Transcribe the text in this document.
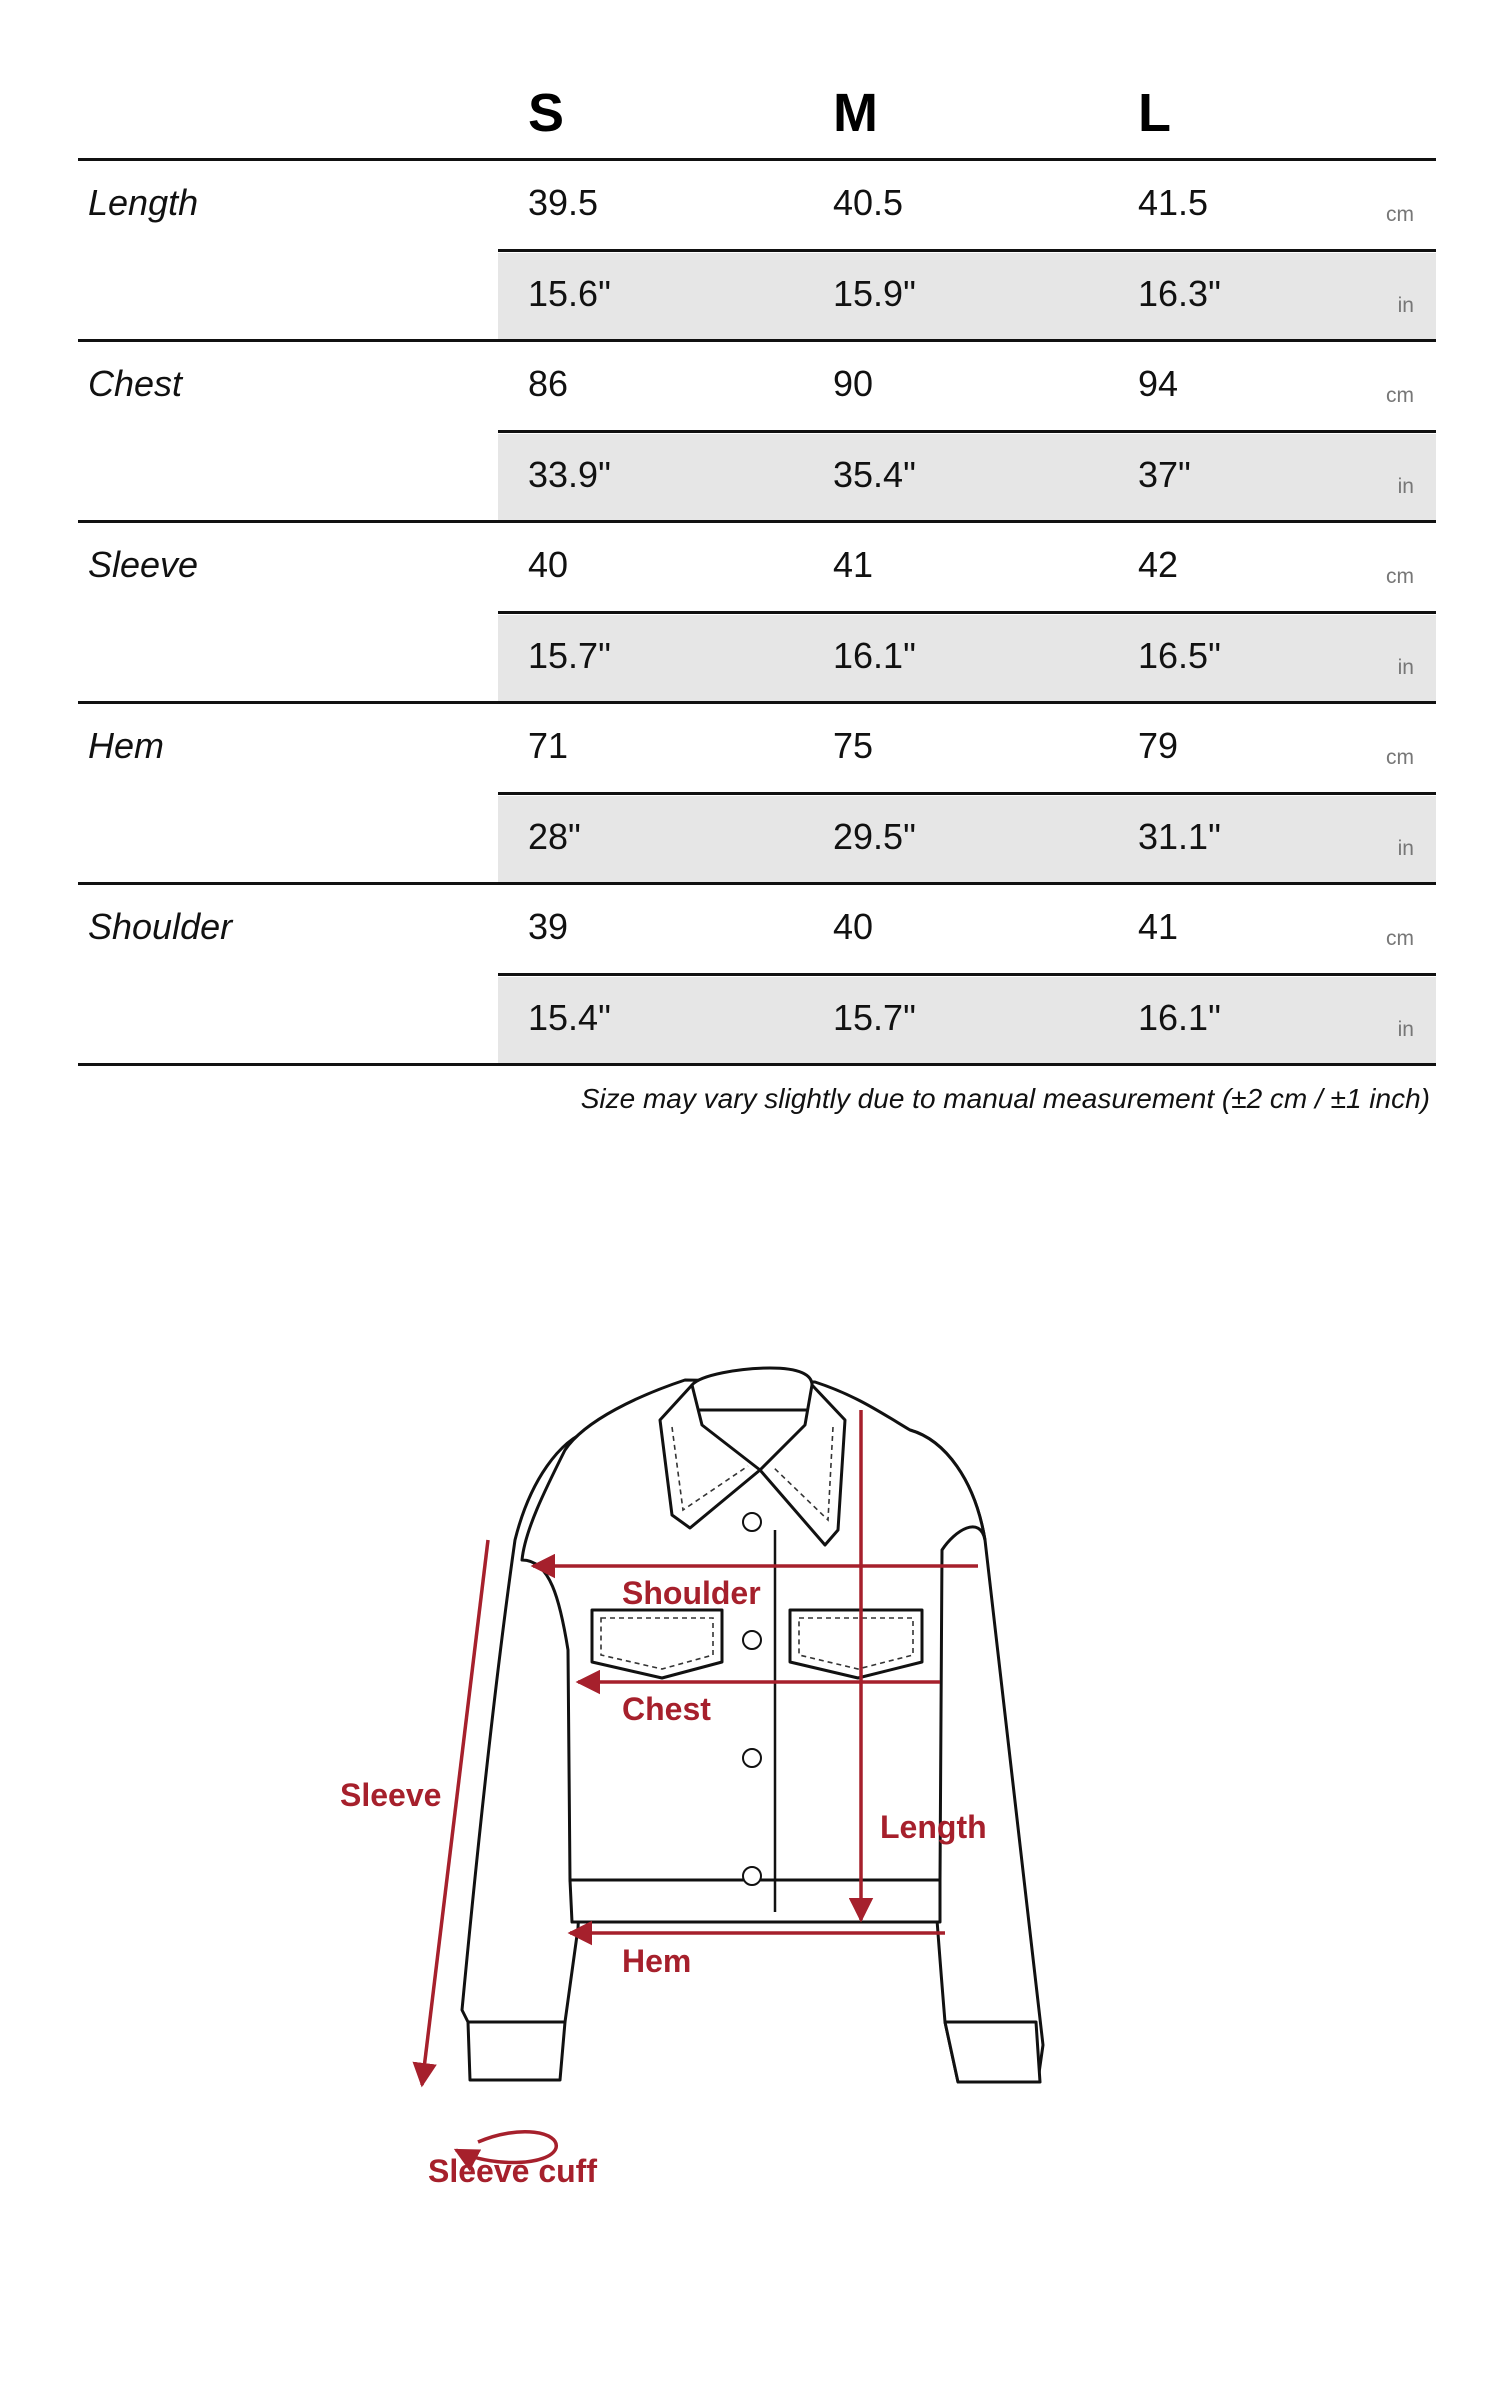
S	M	L
Length	39.5	40.5	41.5	cm
15.6"	15.9"	16.3"	in
Chest	86	90	94	cm
33.9"	35.4"	37"	in
Sleeve	40	41	42	cm
15.7"	16.1"	16.5"	in
Hem	71	75	79	cm
28"	29.5"	31.1"	in
Shoulder	39	40	41	cm
15.4"	15.7"	16.1"	in
Size may vary slightly due to manual measurement (±2 cm / ±1 inch)
Shoulder
Chest
Sleeve
Length
Hem
Sleeve cuff
